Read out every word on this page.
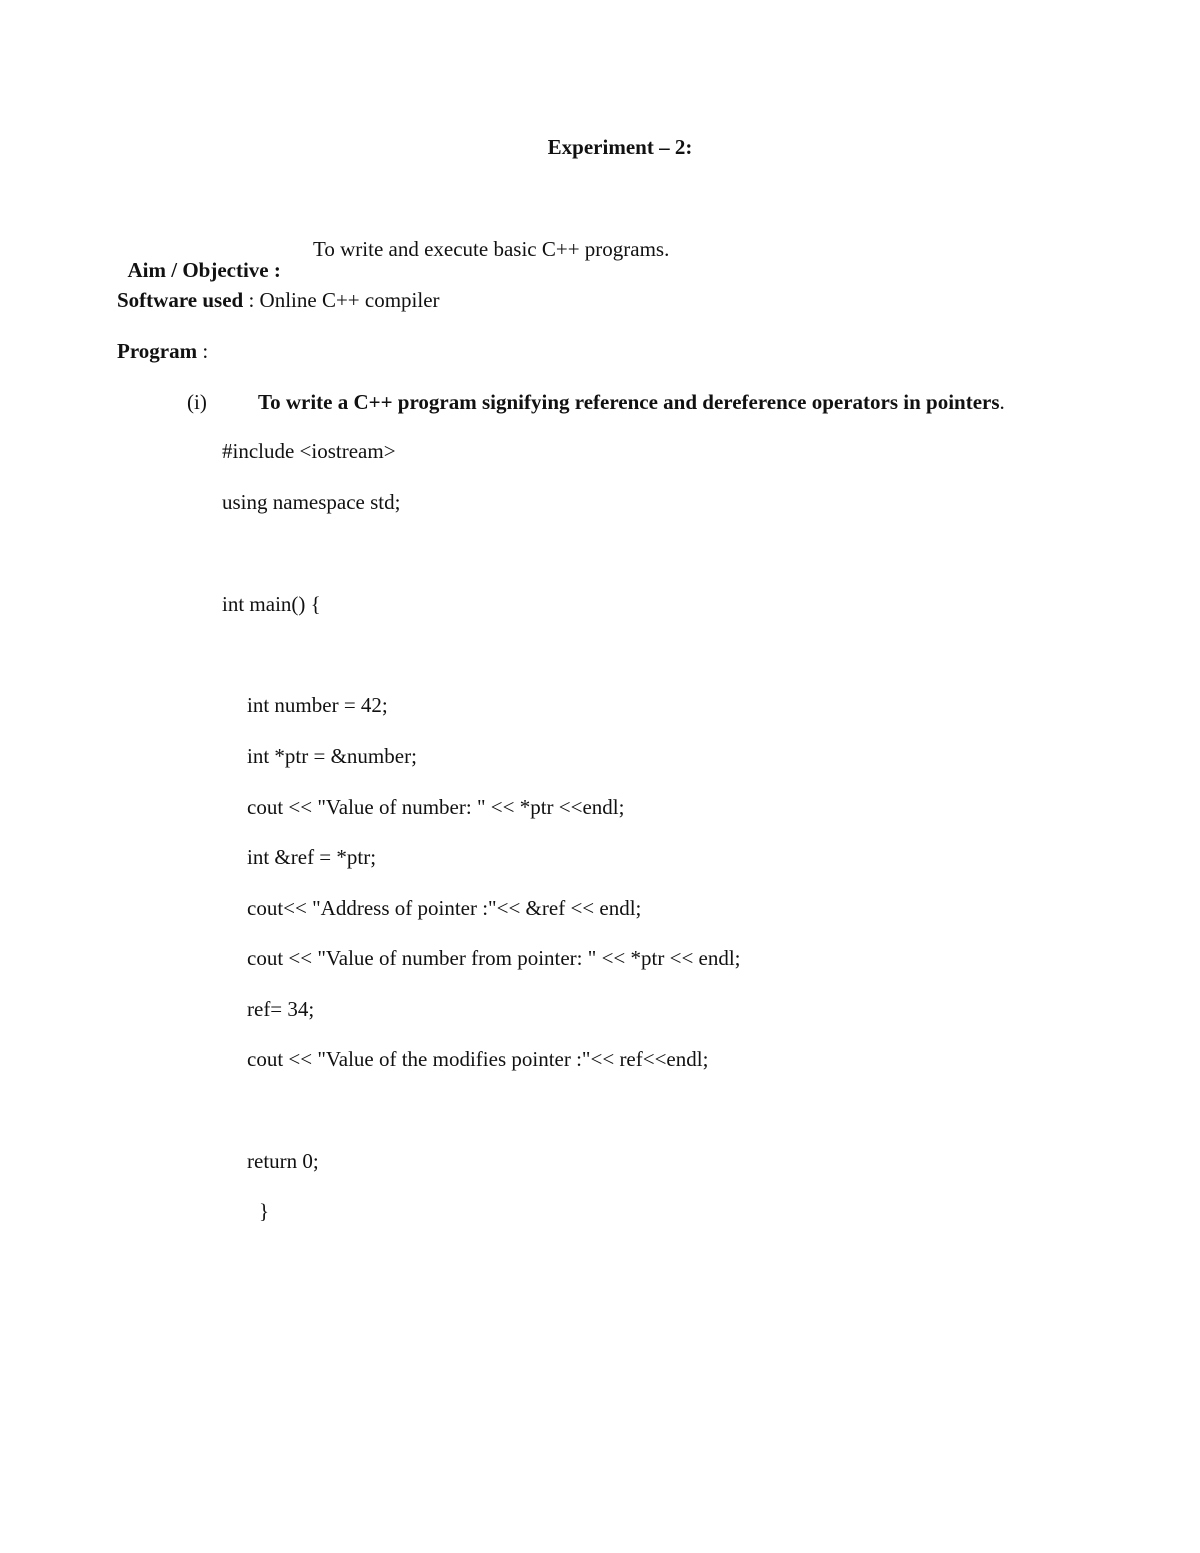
Experiment – 2:

Aim / Objective :

To write and execute basic C++ programs.
Software used : Online C++ compiler
Program :
(i) To write a C++ program signifying reference and dereference operators in pointers.
#include <iostream>
using namespace std;
int main() {
int number = 42;
int *ptr = &number;
cout << "Value of number: " << *ptr <<endl;
int &ref = *ptr;
cout<< "Address of pointer :"<< &ref << endl;
cout << "Value of number from pointer: " << *ptr << endl;
ref= 34;
cout << "Value of the modifies pointer :"<< ref<<endl;
return 0;
}
